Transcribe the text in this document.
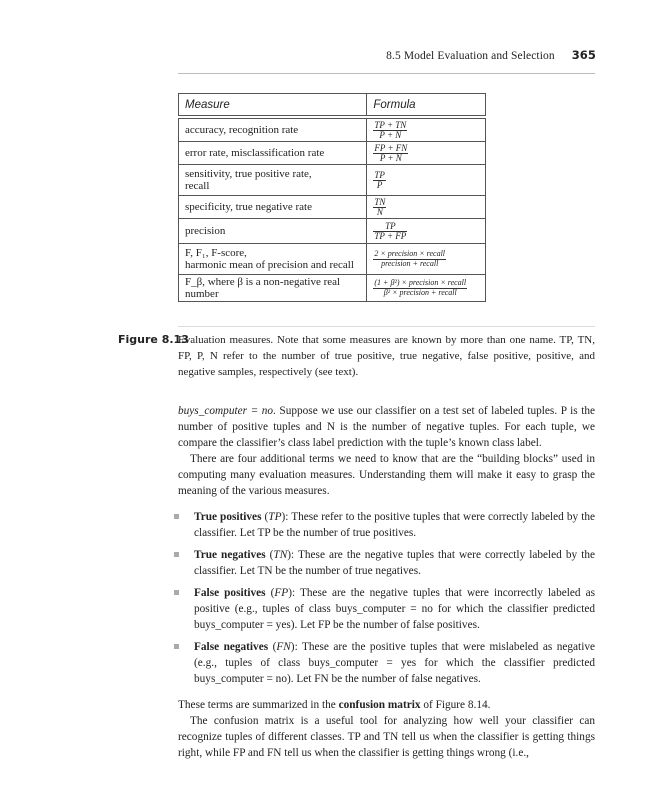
8.5 Model Evaluation and Selection 365
Measure	Formula
accuracy, recognition rate	$\frac{TP + TN}{P + N}$

error rate, misclassification rate	$\frac{FP + FN}{P + N}$

sensitivity, true positive rate,
recall	$\frac{TP}{P}$

specificity, true negative rate	$\frac{TN}{N}$

precision	$\frac{TP}{TP + FP}$

F, F₁, F-score,
harmonic mean of precision and recall	$\frac{\text{2 × precision × recall}}{\text{precision + recall}}$

F_β, where β is a non-negative real number	$\frac{\text{(1 + β²) × precision × recall}}{\text{β² × precision + recall}}$
Figure 8.13
Evaluation measures. Note that some measures are known by more than one name. TP, TN, FP, P, N refer to the number of true positive, true negative, false positive, positive, and negative samples, respectively (see text).

buys_computer = no. Suppose we use our classifier on a test set of labeled tuples. P is the number of positive tuples and N is the number of negative tuples. For each tuple, we compare the classifier’s class label prediction with the tuple’s known class label.

There are four additional terms we need to know that are the “building blocks” used in computing many evaluation measures. Understanding them will make it easy to grasp the meaning of the various measures.

True positives (TP): These refer to the positive tuples that were correctly labeled by the classifier. Let TP be the number of true positives.
True negatives (TN): These are the negative tuples that were correctly labeled by the classifier. Let TN be the number of true negatives.
False positives (FP): These are the negative tuples that were incorrectly labeled as positive (e.g., tuples of class buys_computer = no for which the classifier predicted buys_computer = yes). Let FP be the number of false positives.
False negatives (FN): These are the positive tuples that were mislabeled as negative (e.g., tuples of class buys_computer = yes for which the classifier predicted buys_computer = no). Let FN be the number of false negatives.

These terms are summarized in the confusion matrix of Figure 8.14.

The confusion matrix is a useful tool for analyzing how well your classifier can recognize tuples of different classes. TP and TN tell us when the classifier is getting things right, while FP and FN tell us when the classifier is getting things wrong (i.e.,
